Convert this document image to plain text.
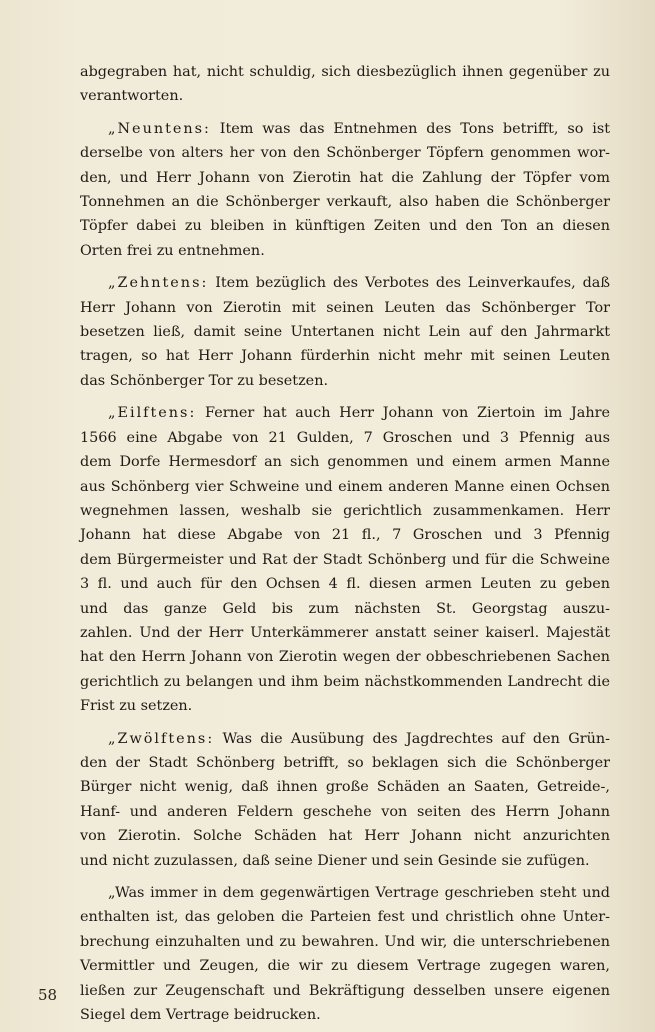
abgegraben hat, nicht schuldig, sich diesbezüglich ihnen gegenüber zu
verantworten.
„Neuntens: Item was das Entnehmen des Tons betrifft, so ist
derselbe von alters her von den Schönberger Töpfern genommen wor-
den, und Herr Johann von Zierotin hat die Zahlung der Töpfer vom
Tonnehmen an die Schönberger verkauft, also haben die Schönberger
Töpfer dabei zu bleiben in künftigen Zeiten und den Ton an diesen
Orten frei zu entnehmen.
„Zehntens: Item bezüglich des Verbotes des Leinverkaufes, daß
Herr Johann von Zierotin mit seinen Leuten das Schönberger Tor
besetzen ließ, damit seine Untertanen nicht Lein auf den Jahrmarkt
tragen, so hat Herr Johann fürderhin nicht mehr mit seinen Leuten
das Schönberger Tor zu besetzen.
„Eilftens: Ferner hat auch Herr Johann von Ziertoin im Jahre
1566 eine Abgabe von 21 Gulden, 7 Groschen und 3 Pfennig aus
dem Dorfe Hermesdorf an sich genommen und einem armen Manne
aus Schönberg vier Schweine und einem anderen Manne einen Ochsen
wegnehmen lassen, weshalb sie gerichtlich zusammenkamen. Herr
Johann hat diese Abgabe von 21 fl., 7 Groschen und 3 Pfennig
dem Bürgermeister und Rat der Stadt Schönberg und für die Schweine
3 fl. und auch für den Ochsen 4 fl. diesen armen Leuten zu geben
und das ganze Geld bis zum nächsten St. Georgstag auszu-
zahlen. Und der Herr Unterkämmerer anstatt seiner kaiserl. Majestät
hat den Herrn Johann von Zierotin wegen der obbeschriebenen Sachen
gerichtlich zu belangen und ihm beim nächstkommenden Landrecht die
Frist zu setzen.
„Zwölftens: Was die Ausübung des Jagdrechtes auf den Grün-
den der Stadt Schönberg betrifft, so beklagen sich die Schönberger
Bürger nicht wenig, daß ihnen große Schäden an Saaten, Getreide-,
Hanf- und anderen Feldern geschehe von seiten des Herrn Johann
von Zierotin. Solche Schäden hat Herr Johann nicht anzurichten
und nicht zuzulassen, daß seine Diener und sein Gesinde sie zufügen.
„Was immer in dem gegenwärtigen Vertrage geschrieben steht und
enthalten ist, das geloben die Parteien fest und christlich ohne Unter-
brechung einzuhalten und zu bewahren. Und wir, die unterschriebenen
Vermittler und Zeugen, die wir zu diesem Vertrage zugegen waren,
ließen zur Zeugenschaft und Bekräftigung desselben unsere eigenen
Siegel dem Vertrage beidrucken.
58
